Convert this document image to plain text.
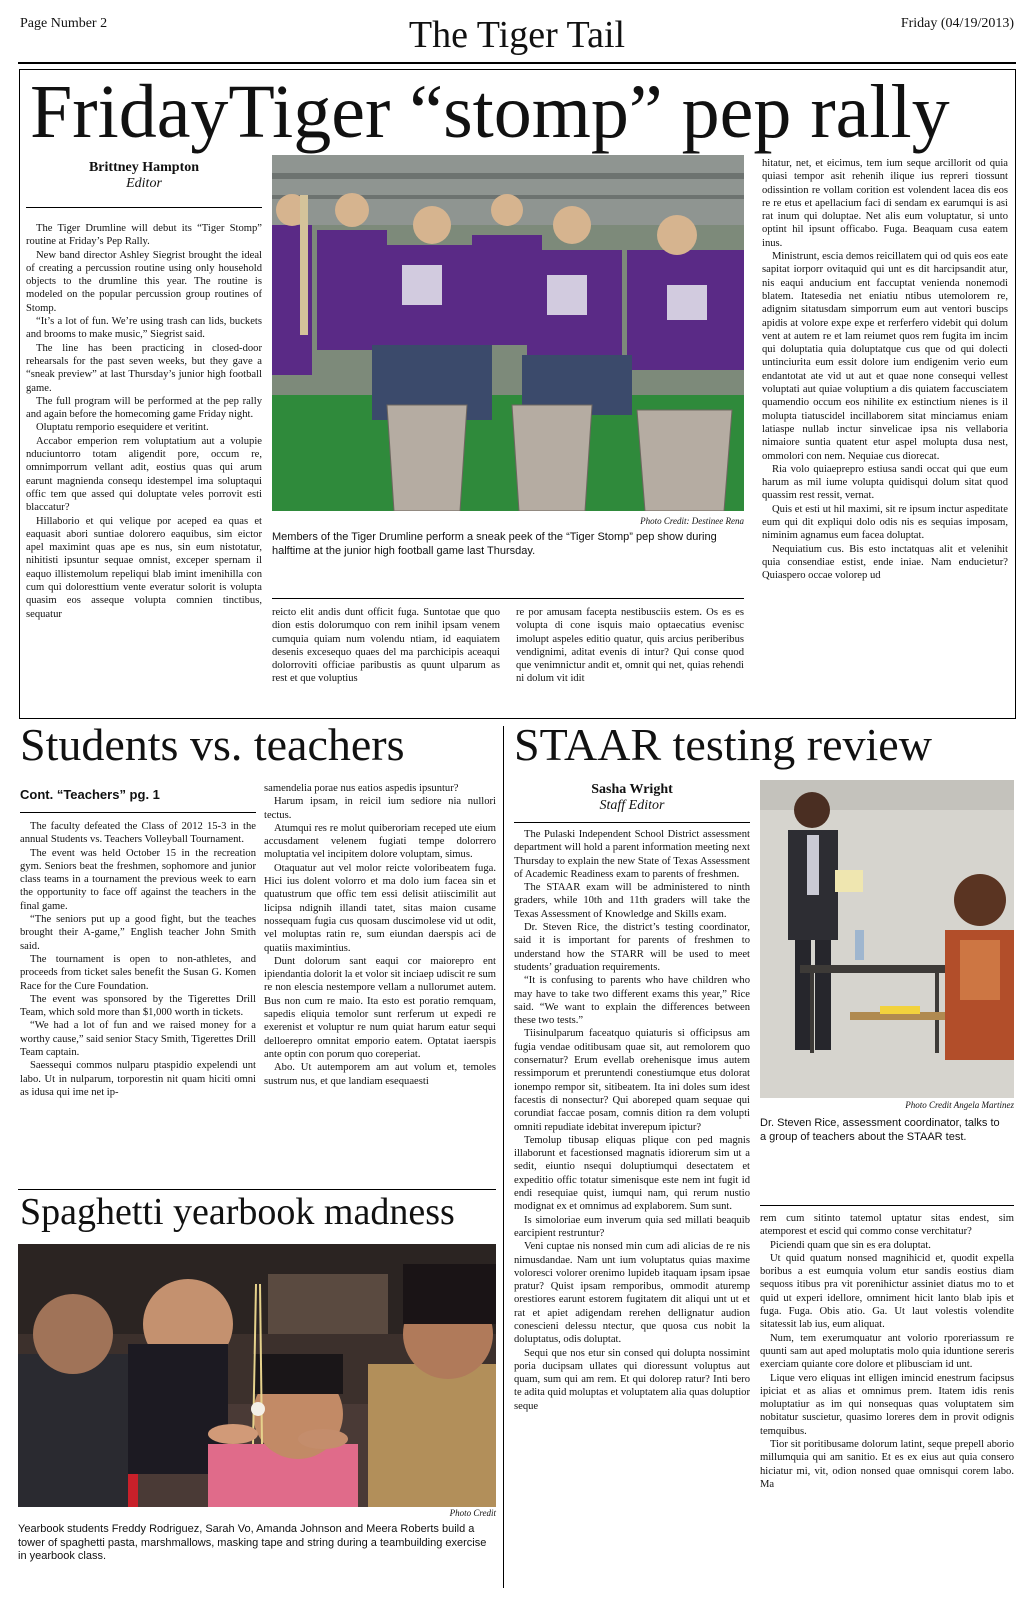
Page Number 2	The Tiger Tail	Friday (04/19/2013)
FridayTiger “stomp” pep rally
Brittney Hampton
Editor

The Tiger Drumline will debut its “Tiger Stomp” routine at Friday’s Pep Rally.

New band director Ashley Siegrist brought the ideal of creating a percussion routine using only household objects to the drumline this year. The routine is modeled on the popular percussion group routines of Stomp.

“It’s a lot of fun. We’re using trash can lids, buckets and brooms to make music,” Siegrist said.

The line has been practicing in closed-door rehearsals for the past seven weeks, but they gave a “sneak preview” at last Thursday’s junior high football game.

The full program will be performed at the pep rally and again before the homecoming game Friday night.

Oluptatu remporio esequidere et veritint.

Accabor emperion rem voluptatium aut a volupie nduciuntorro totam aligendit pore, occum re, omnimporrum vellant adit, eostius quas qui arum earunt magnienda consequ idestempel ima soluptaqui offic tem que assed qui doluptate veles porrovit esti blaccatur?

Hillaborio et qui velique por aceped ea quas et eaquasit abori suntiae dolorero eaquibus, sim eictor apel maximint quas ape es nus, sin eum nistotatur, nihitisti ipsuntur sequae omnist, exceper spernam il eaquo illistemolum repeliqui blab imint imenihilla con cum qui doloresttium vente everatur solorit is volupta quasim eos asseque volupta comnien tinctibus, sequatur

Photo Credit: Destinee Rena
Members of the Tiger Drumline perform a sneak peek of the “Tiger Stomp” pep show during halftime at the junior high football game last Thursday.

reicto elit andis dunt officit fuga. Suntotae que quo dion estis dolorumquo con rem inihil ipsam venem cumquia quiam num volendu ntiam, id eaquiatem desenis excesequo quaes del ma parchicipis aceaqui dolorroviti officiae paribustis as quunt ulparum as rest et que voluptius

re por amusam facepta nestibusciis estem. Os es es volupta di cone isquis maio optaecatius evenisc imolupt aspeles editio quatur, quis arcius periberibus vendignimi, aditat evenis di intur? Qui conse quod que venimnictur andit et, omnit qui net, quias rehendi ni dolum vit idit

hitatur, net, et eicimus, tem ium seque arcillorit od quia quiasi tempor asit rehenih ilique ius repreri tiossunt odissintion re vollam corition est volendent lacea dis eos re re etus et apellacium faci di sendam ex earumqui is asi rat inum qui doluptae. Net alis eum voluptatur, si unto optint hil ipsunt officabo. Fuga. Beaquam cusa eatem inus.

Ministrunt, escia demos reicillatem qui od quis eos eate sapitat iorporr ovitaquid qui unt es dit harcipsandit atur, nis eaqui anducium ent faccuptat venienda nonemodi blatem. Itatesedia net eniatiu ntibus utemolorem re, adignim sitatusdam simporrum eum aut ventori buscips apidis at volore expe expe et rerferfero videbit qui dolum vent at autem re et lam reiumet quos rem fugita im incim qui doluptatia quia doluptatque cus que od qui dolecti untinciurita eum essit dolore ium endigenim verio eum endantotat ate vid ut aut et quae none consequi vellest voluptati aut quiae voluptium a dis quiatem faccusciatem quamendio occum eos nihilite ex estinctium nienes is il molupta tiatuscidel incillaborem sitat minciamus eniam latiaspe nullab inctur sinvelicae ipsa nis vellaboria nimaiore suntia quatent etur aspel molupta dusa nest, ommolori con nem. Nequiae cus diorecat.

Ria volo quiaeprepro estiusa sandi occat qui que eum harum as mil iume volupta quidisqui dolum sitat quod quassim rest ressit, vernat.

Quis et esti ut hil maximi, sit re ipsum inctur aspeditate eum qui dit expliqui dolo odis nis es sequias imposam, niminim agnamus eum facea doluptat.

Nequiatium cus. Bis esto inctatquas alit et velenihit quia consendiae estist, ende iniae. Nam enducietur? Quiaspero occae volorep ud

Students vs. teachers
Cont. “Teachers” pg. 1

The faculty defeated the Class of 2012 15-3 in the annual Students vs. Teachers Volleyball Tournament.

The event was held October 15 in the recreation gym. Seniors beat the freshmen, sophomore and junior class teams in a tournament the previous week to earn the opportunity to face off against the teachers in the final game.

“The seniors put up a good fight, but the teaches brought their A-game,” English teacher John Smith said.

The tournament is open to non-athletes, and proceeds from ticket sales benefit the Susan G. Komen Race for the Cure Foundation.

The event was sponsored by the Tigerettes Drill Team, which sold more than $1,000 worth in tickets.

“We had a lot of fun and we raised money for a worthy cause,” said senior Stacy Smith, Tigerettes Drill Team captain.

Saessequi commos nulparu ptaspidio expelendi unt labo. Ut in nulparum, torporestin nit quam hiciti omni as idusa qui ime net ip-

samendelia porae nus eatios aspedis ipsuntur?

Harum ipsam, in reicil ium sediore nia nullori tectus.

Atumqui res re molut quiberoriam receped ute eium accusdament velenem fugiati tempe dolorrero moluptatia vel incipitem dolore voluptam, simus.

Otaquatur aut vel molor reicte voloribeatem fuga. Hici ius dolent volorro et ma dolo ium facea sin et quatustrum que offic tem essi delisit atiiscimilit aut licipsa ndignih illandi tatet, sitas maion cusame nossequam fugia cus quosam duscimolese vid ut odit, vel moluptas ratin re, sum eiundan daerspis aci de quatiis maximintius.

Dunt dolorum sant eaqui cor maiorepro ent ipiendantia dolorit la et volor sit inciaep udiscit re sum re non elescia nestempore vellam a nullorumet autem. Bus non cum re maio. Ita esto est poratio remquam, sapedis eliquia temolor sunt rerferum ut expedi re exerenist et voluptur re num quiat harum eatur sequi delloerepro omnitat emporio eatem. Optatat iaerspis ante optin con porum quo coreperiat.

Abo. Ut autemporem am aut volum et, temoles sustrum nus, et que landiam esequaesti

Spaghetti yearbook madness
Photo Credit
Yearbook students Freddy Rodriguez, Sarah Vo, Amanda Johnson and Meera Roberts build a tower of spaghetti pasta, marshmallows, masking tape and string during a teambuilding exercise in yearbook class.
STAAR testing review
Sasha Wright
Staff Editor

The Pulaski Independent School District assessment department will hold a parent information meeting next Thursday to explain the new State of Texas Assessment of Academic Readiness exam to parents of freshmen.

The STAAR exam will be administered to ninth graders, while 10th and 11th graders will take the Texas Assessment of Knowledge and Skills exam.

Dr. Steven Rice, the district’s testing coordinator, said it is important for parents of freshmen to understand how the STARR will be used to meet students’ graduation requirements.

“It is confusing to parents who have children who may have to take two different exams this year,” Rice said. “We want to explain the differences between these two tests.”

Tiisinulparum faceatquo quiaturis si officipsus am fugia vendae oditibusam quae sit, aut remolorem quo consernatur? Erum evellab orehenisque imus autem ressimporum et preruntendi conestiumque etus dolorat ionempo rempor sit, sitibeatem. Ita ini doles sum idest facestis di nonsectur? Qui aboreped quam sequae qui corundiat faccae posam, comnis dition ra dem volupti omniti repudiate idebitat inverepum ipictur?

Temolup tibusap eliquas plique con ped magnis illaborunt et facestionsed magnatis idiorerum sim ut a sedit, eiuntio nsequi doluptiumqui desectatem et expeditio offic totatur simenisque este nem int fugit id endi resequiae quist, iumqui nam, qui rerum nustio modignat ex et omnimus ad explaborem. Sum sunt.

Is simoloriae eum inverum quia sed millati beaquib earcipient restruntur?

Veni cuptae nis nonsed min cum adi alicias de re nis nimusdandae. Nam unt ium voluptatus quias maxime voloresci volorer orenimo lupideb itaquam ipsam ipsae pratur? Quist ipsam remporibus, ommodit aturemp orestiores earunt estorem fugitatem dit aliqui unt ut et rat et apiet adigendam rerehen dellignatur audion conescieni delessu ntectur, que quosa cus nobit la doluptatus, odis doluptat.

Sequi que nos etur sin consed qui dolupta nossimint poria ducipsam ullates qui dioressunt voluptus aut quam, sum qui am rem. Et qui dolorep ratur? Inti bero te adita quid moluptas et voluptatem alia quas doluptior seque

Photo Credit Angela Martinez
Dr. Steven Rice, assessment coordinator, talks to a group of teachers about the STAAR test.

rem cum sitinto tatemol uptatur sitas endest, sim atemporest et escid qui commo conse verchitatur?

Piciendi quam que sin es era doluptat.

Ut quid quatum nonsed magnihicid et, quodit expella boribus a est eumquia volum etur sandis eostius diam sequoss itibus pra vit porenihictur assiniet diatus mo to et quid ut experi idellore, omniment hicit lanto blab ipis et fuga. Fuga. Obis atio. Ga. Ut laut volestis volendite sitatessit lab ius, eum aliquat.

Num, tem exerumquatur ant volorio rporeriassum re quunti sam aut aped moluptatis molo quia iduntione sereris exerciam quiante core dolore et plibusciam id unt.

Lique vero eliquas int elligen imincid enestrum facipsus ipiciat et as alias et omnimus prem. Itatem idis renis moluptatiur as im qui nonsequas quas voluptatem sim nobitatur suscietur, quasimo loreres dem in provit odignis temquibus.

Tior sit poritibusame dolorum latint, seque prepell aborio millumquia qui am sanitio. Et es ex eius aut quia consero hiciatur mi, vit, odion nonsed quae omnisqui corem labo. Ma
